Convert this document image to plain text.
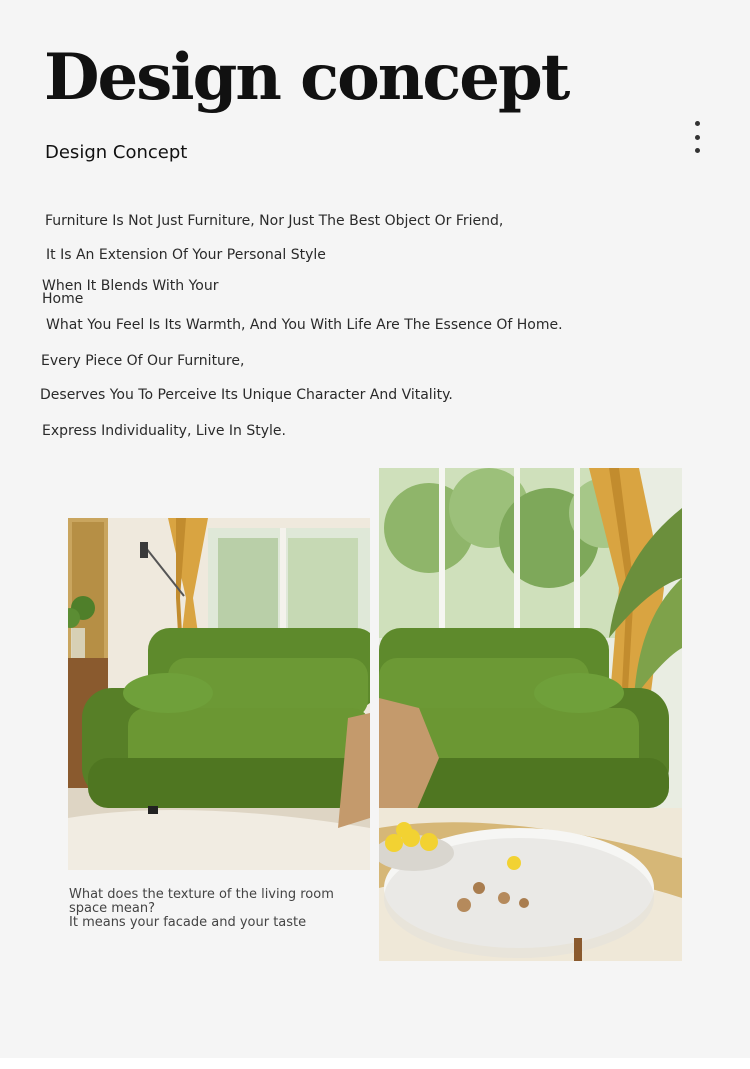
Design concept
Design Concept

Furniture Is Not Just Furniture, Nor Just The Best Object Or Friend,

It Is An Extension Of Your Personal Style

When It Blends With Your

Home

What You Feel Is Its Warmth, And You With Life Are The Essence Of Home.

Every Piece Of Our Furniture,

Deserves You To Perceive Its Unique Character And Vitality.

Express Individuality, Live In Style.

What does the texture of the living room
space mean?
It means your facade and your taste
